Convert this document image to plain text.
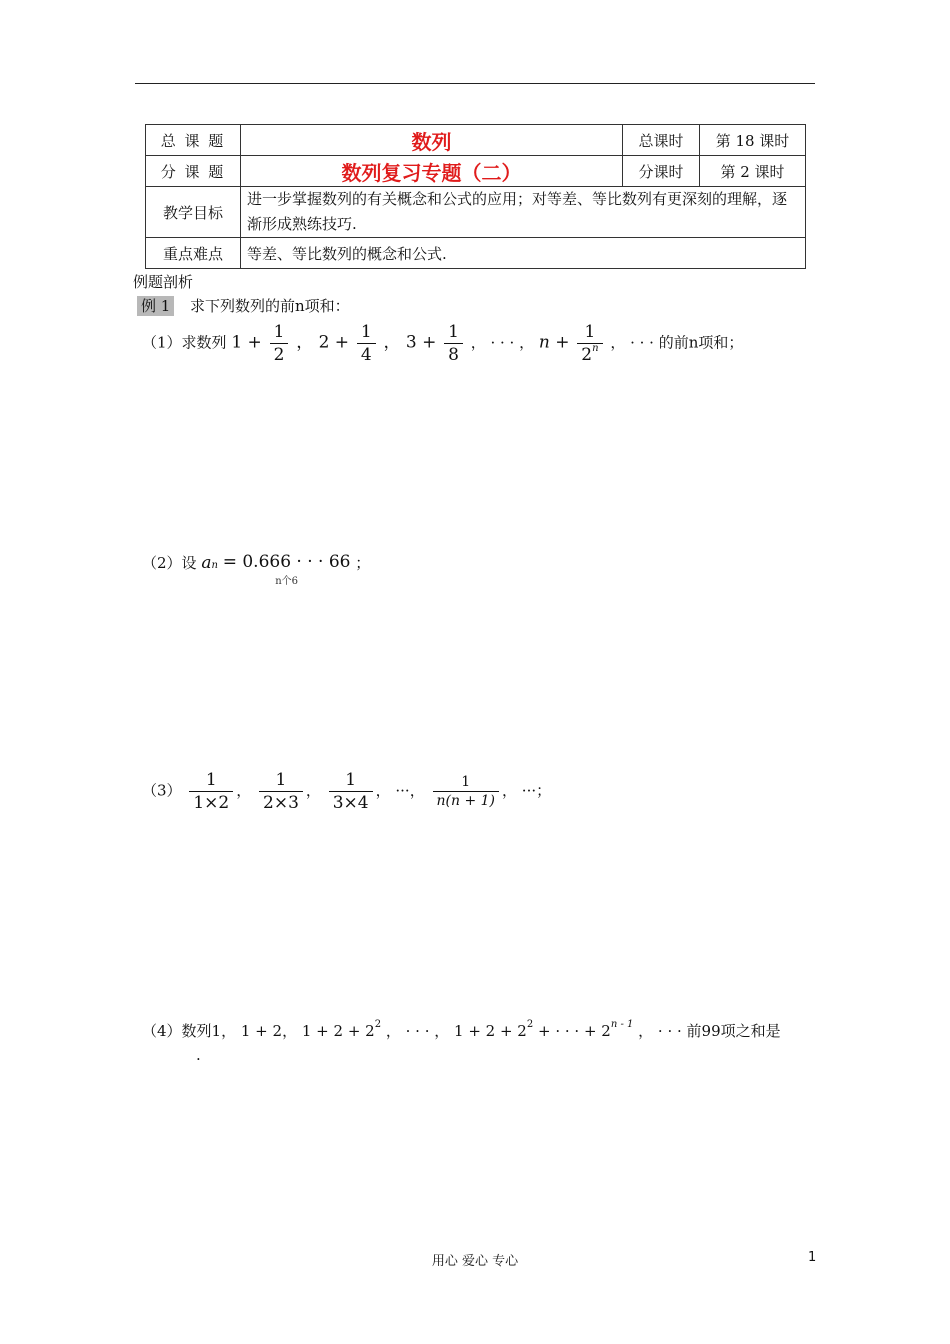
总 课 题	数列	总课时	第 18 课时
分 课 题	数列复习专题（二）	分课时	第 2 课时
教学目标	进一步掌握数列的有关概念和公式的应用；对等差、等比数列有更深刻的理解，逐渐形成熟练技巧.		
重点难点	等差、等比数列的概念和公式.		
例题剖析
例 1 求下列数列的前n项和：
（1）求数列 $1 + \frac{1}{2}$ ， $2 + \frac{1}{4}$ ， $3 + \frac{1}{8}$ ， · · · ， $n + \frac{1}{2^n}$ ， · · · 的前n项和；
（2）设 an = 0.666 · · · 66
n个6
；
$(3) \frac{1}{1\times 2}$ ， $\frac{1}{2\times 3}$ ， $\frac{1}{3\times 4}$ ， ···， $\frac{1}{n(n + 1)}$ ， ···；
（4）数列1， 1 + 2， $1 + 2 + 2^2$ ， · · · ， $1 + 2 + 2^2$ + · · · + $2^{n - 1}$ ， · · · 前99项之和是
.
用心 爱心 专心	1
